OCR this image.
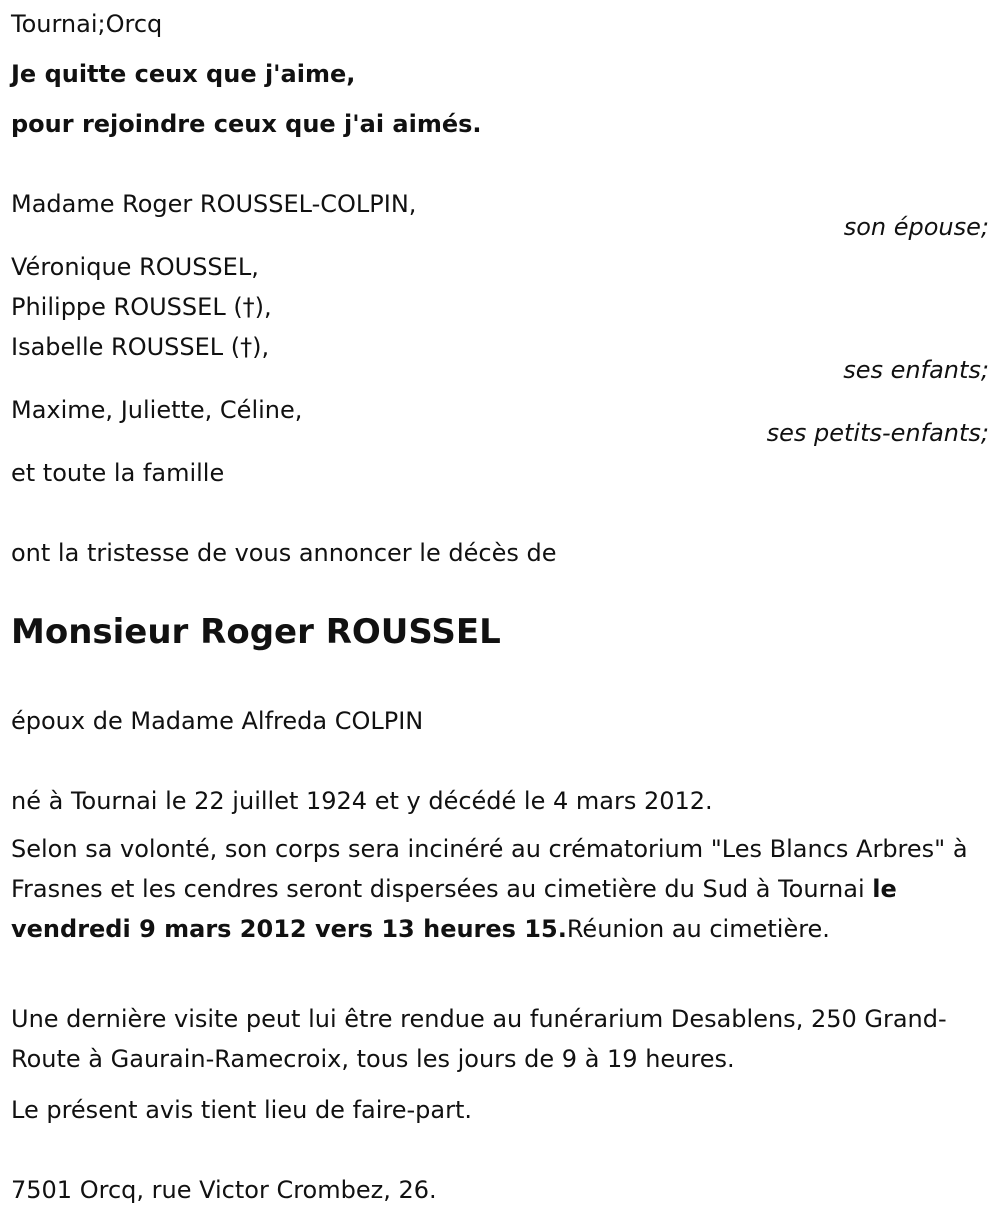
Tournai;Orcq
Je quitte ceux que j'aime,
pour rejoindre ceux que j'ai aimés.
Madame Roger ROUSSEL-COLPIN,
son épouse;
Véronique ROUSSEL,
Philippe ROUSSEL (†),
Isabelle ROUSSEL (†),
ses enfants;
Maxime, Juliette, Céline,
ses petits-enfants;
et toute la famille
ont la tristesse de vous annoncer le décès de
Monsieur Roger ROUSSEL
époux de Madame Alfreda COLPIN
né à Tournai le 22 juillet 1924 et y décédé le 4 mars 2012.
Selon sa volonté, son corps sera incinéré au crématorium "Les Blancs Arbres" à Frasnes et les cendres seront dispersées au cimetière du Sud à Tournai le vendredi 9 mars 2012 vers 13 heures 15.Réunion au cimetière.
Une dernière visite peut lui être rendue au funérarium Desablens, 250 Grand-Route à Gaurain-Ramecroix, tous les jours de 9 à 19 heures.
Le présent avis tient lieu de faire-part.
7501 Orcq, rue Victor Crombez, 26.
